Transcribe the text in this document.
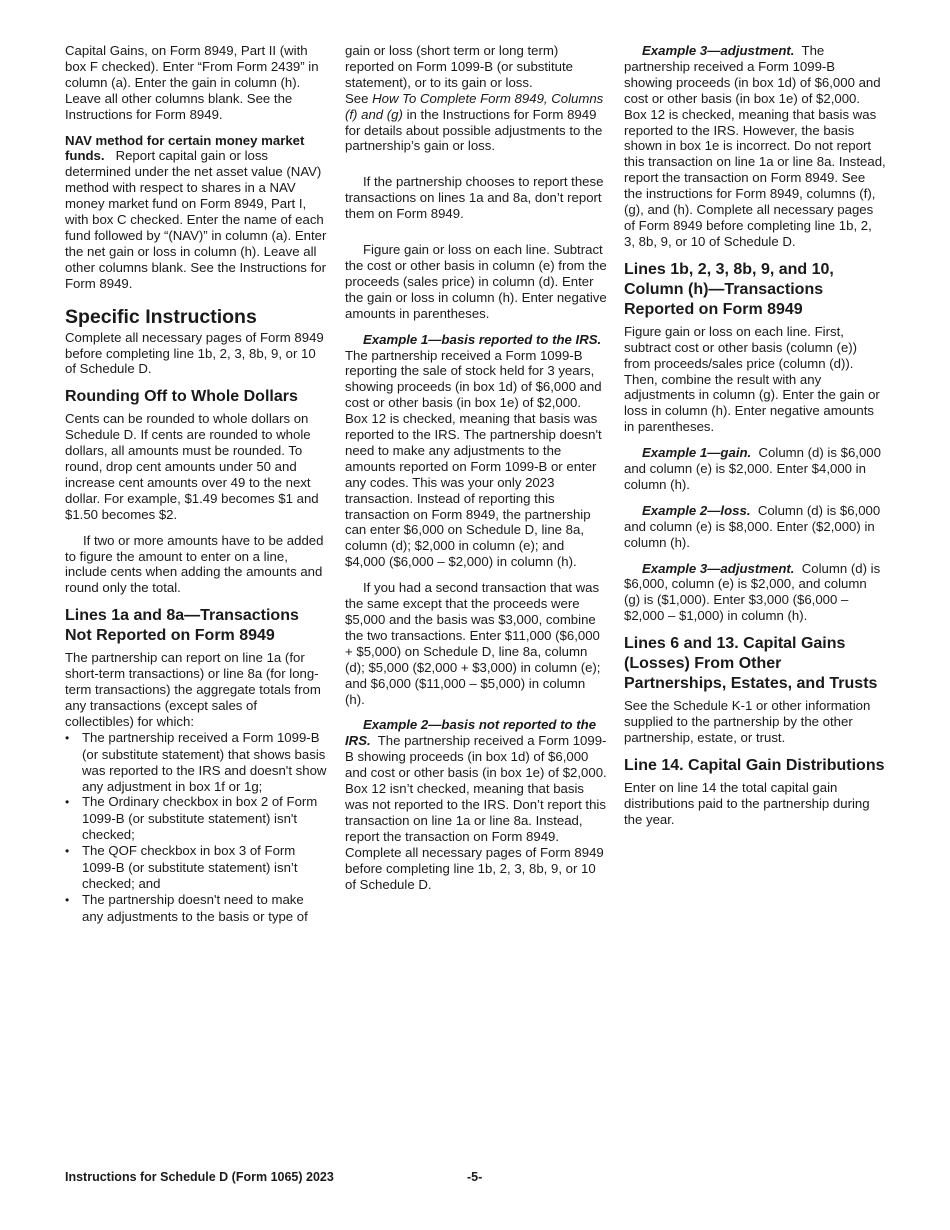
Capital Gains, on Form 8949, Part II (with box F checked). Enter “From Form 2439” in column (a). Enter the gain in column (h). Leave all other columns blank. See the Instructions for Form 8949.

NAV method for certain money market funds. Report capital gain or loss determined under the net asset value (NAV) method with respect to shares in a NAV money market fund on Form 8949, Part I, with box C checked. Enter the name of each fund followed by “(NAV)” in column (a). Enter the net gain or loss in column (h). Leave all other columns blank. See the Instructions for Form 8949.

Specific Instructions

Complete all necessary pages of Form 8949 before completing line 1b, 2, 3, 8b, 9, or 10 of Schedule D.

Rounding Off to Whole Dollars

Cents can be rounded to whole dollars on Schedule D. If cents are rounded to whole dollars, all amounts must be rounded. To round, drop cent amounts under 50 and increase cent amounts over 49 to the next dollar. For example, $1.49 becomes $1 and $1.50 becomes $2.

If two or more amounts have to be added to figure the amount to enter on a line, include cents when adding the amounts and round only the total.

Lines 1a and 8a—Transactions Not Reported on Form 8949

The partnership can report on line 1a (for short-term transactions) or line 8a (for long-term transactions) the aggregate totals from any transactions (except sales of collectibles) for which:

• The partnership received a Form 1099-B (or substitute statement) that shows basis was reported to the IRS and doesn't show any adjustment in box 1f or 1g;

• The Ordinary checkbox in box 2 of Form 1099-B (or substitute statement) isn't checked;

• The QOF checkbox in box 3 of Form 1099-B (or substitute statement) isn’t checked; and

• The partnership doesn't need to make any adjustments to the basis or type of

gain or loss (short term or long term) reported on Form 1099-B (or substitute statement), or to its gain or loss.

See How To Complete Form 8949, Columns (f) and (g) in the Instructions for Form 8949 for details about possible adjustments to the partnership’s gain or loss.

If the partnership chooses to report these transactions on lines 1a and 8a, don’t report them on Form 8949.

Figure gain or loss on each line. Subtract the cost or other basis in column (e) from the proceeds (sales price) in column (d). Enter the gain or loss in column (h). Enter negative amounts in parentheses.

Example 1—basis reported to the IRS.  The partnership received a Form 1099-B reporting the sale of stock held for 3 years, showing proceeds (in box 1d) of $6,000 and cost or other basis (in box 1e) of $2,000. Box 12 is checked, meaning that basis was reported to the IRS. The partnership doesn't need to make any adjustments to the amounts reported on Form 1099-B or enter any codes. This was your only 2023 transaction. Instead of reporting this transaction on Form 8949, the partnership can enter $6,000 on Schedule D, line 8a, column (d); $2,000 in column (e); and $4,000 ($6,000 – $2,000) in column (h).

If you had a second transaction that was the same except that the proceeds were $5,000 and the basis was $3,000, combine the two transactions. Enter $11,000 ($6,000 + $5,000) on Schedule D, line 8a, column (d); $5,000 ($2,000 + $3,000) in column (e); and $6,000 ($11,000 – $5,000) in column (h).

Example 2—basis not reported to the IRS. The partnership received a Form 1099-B showing proceeds (in box 1d) of $6,000 and cost or other basis (in box 1e) of $2,000. Box 12 isn’t checked, meaning that basis was not reported to the IRS. Don’t report this transaction on line 1a or line 8a. Instead, report the transaction on Form 8949. Complete all necessary pages of Form 8949 before completing line 1b, 2, 3, 8b, 9, or 10 of Schedule D.

Example 3—adjustment. The partnership received a Form 1099-B showing proceeds (in box 1d) of $6,000 and cost or other basis (in box 1e) of $2,000. Box 12 is checked, meaning that basis was reported to the IRS. However, the basis shown in box 1e is incorrect. Do not report this transaction on line 1a or line 8a. Instead, report the transaction on Form 8949. See the instructions for Form 8949, columns (f), (g), and (h). Complete all necessary pages of Form 8949 before completing line 1b, 2, 3, 8b, 9, or 10 of Schedule D.

Lines 1b, 2, 3, 8b, 9, and 10, Column (h)—Transactions Reported on Form 8949

Figure gain or loss on each line. First, subtract cost or other basis (column (e)) from proceeds/sales price (column (d)). Then, combine the result with any adjustments in column (g). Enter the gain or loss in column (h). Enter negative amounts in parentheses.

Example 1—gain. Column (d) is $6,000 and column (e) is $2,000. Enter $4,000 in column (h).

Example 2—loss. Column (d) is $6,000 and column (e) is $8,000. Enter ($2,000) in column (h).

Example 3—adjustment. Column (d) is $6,000, column (e) is $2,000, and column (g) is ($1,000). Enter $3,000 ($6,000 – $2,000 – $1,000) in column (h).

Lines 6 and 13. Capital Gains (Losses) From Other Partnerships, Estates, and Trusts

See the Schedule K-1 or other information supplied to the partnership by the other partnership, estate, or trust.

Line 14. Capital Gain Distributions

Enter on line 14 the total capital gain distributions paid to the partnership during the year.

Instructions for Schedule D (Form 1065) 2023	-5-
